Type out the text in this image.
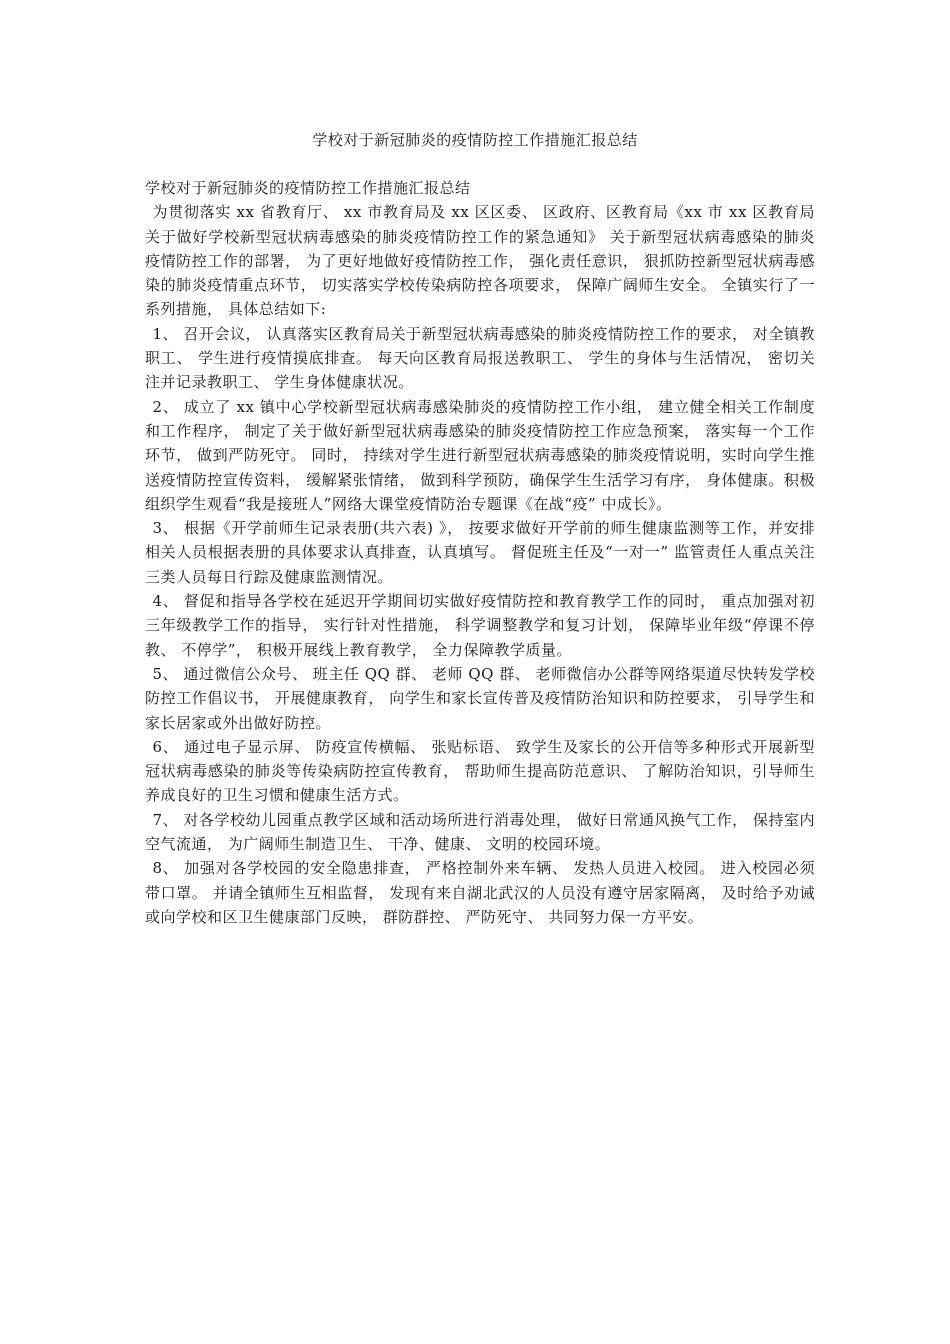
学校对于新冠肺炎的疫情防控工作措施汇报总结

学校对于新冠肺炎的疫情防控工作措施汇报总结

为贯彻落实 xx 省教育厅、 xx 市教育局及 xx 区区委、 区政府、区教育局《xx 市 xx 区教育局关于做好学校新型冠状病毒感染的肺炎疫情防控工作的紧急通知》 关于新型冠状病毒感染的肺炎疫情防控工作的部署， 为了更好地做好疫情防控工作， 强化责任意识， 狠抓防控新型冠状病毒感染的肺炎疫情重点环节， 切实落实学校传染病防控各项要求， 保障广阔师生安全。 全镇实行了一系列措施， 具体总结如下:

1、 召开会议， 认真落实区教育局关于新型冠状病毒感染的肺炎疫情防控工作的要求， 对全镇教职工、 学生进行疫情摸底排查。 每天向区教育局报送教职工、 学生的身体与生活情况， 密切关注并记录教职工、 学生身体健康状况。

2、 成立了 xx 镇中心学校新型冠状病毒感染肺炎的疫情防控工作小组， 建立健全相关工作制度和工作程序， 制定了关于做好新型冠状病毒感染的肺炎疫情防控工作应急预案， 落实每一个工作环节， 做到严防死守。 同时， 持续对学生进行新型冠状病毒感染的肺炎疫情说明，实时向学生推送疫情防控宣传资料， 缓解紧张情绪， 做到科学预防，确保学生生活学习有序， 身体健康。积极组织学生观看“我是接班人”网络大课堂疫情防治专题课《在战“疫” 中成长》。

3、 根据《开学前师生记录表册(共六表) 》， 按要求做好开学前的师生健康监测等工作，并安排相关人员根据表册的具体要求认真排查，认真填写。 督促班主任及“一对一” 监管责任人重点关注三类人员每日行踪及健康监测情况。

4、 督促和指导各学校在延迟开学期间切实做好疫情防控和教育教学工作的同时， 重点加强对初三年级教学工作的指导， 实行针对性措施， 科学调整教学和复习计划， 保障毕业年级“停课不停教、 不停学”， 积极开展线上教育教学， 全力保障教学质量。

5、 通过微信公众号、 班主任 QQ 群、 老师 QQ 群、 老师微信办公群等网络渠道尽快转发学校防控工作倡议书， 开展健康教育， 向学生和家长宣传普及疫情防治知识和防控要求， 引导学生和家长居家或外出做好防控。

6、 通过电子显示屏、 防疫宣传横幅、 张贴标语、 致学生及家长的公开信等多种形式开展新型冠状病毒感染的肺炎等传染病防控宣传教育， 帮助师生提高防范意识、 了解防治知识，引导师生养成良好的卫生习惯和健康生活方式。

7、 对各学校幼儿园重点教学区域和活动场所进行消毒处理， 做好日常通风换气工作， 保持室内空气流通， 为广阔师生制造卫生、 干净、健康、 文明的校园环境。

8、 加强对各学校园的安全隐患排查， 严格控制外来车辆、 发热人员进入校园。 进入校园必须带口罩。 并请全镇师生互相监督， 发现有来自湖北武汉的人员没有遵守居家隔离， 及时给予劝诫或向学校和区卫生健康部门反映， 群防群控、 严防死守、 共同努力保一方平安。
